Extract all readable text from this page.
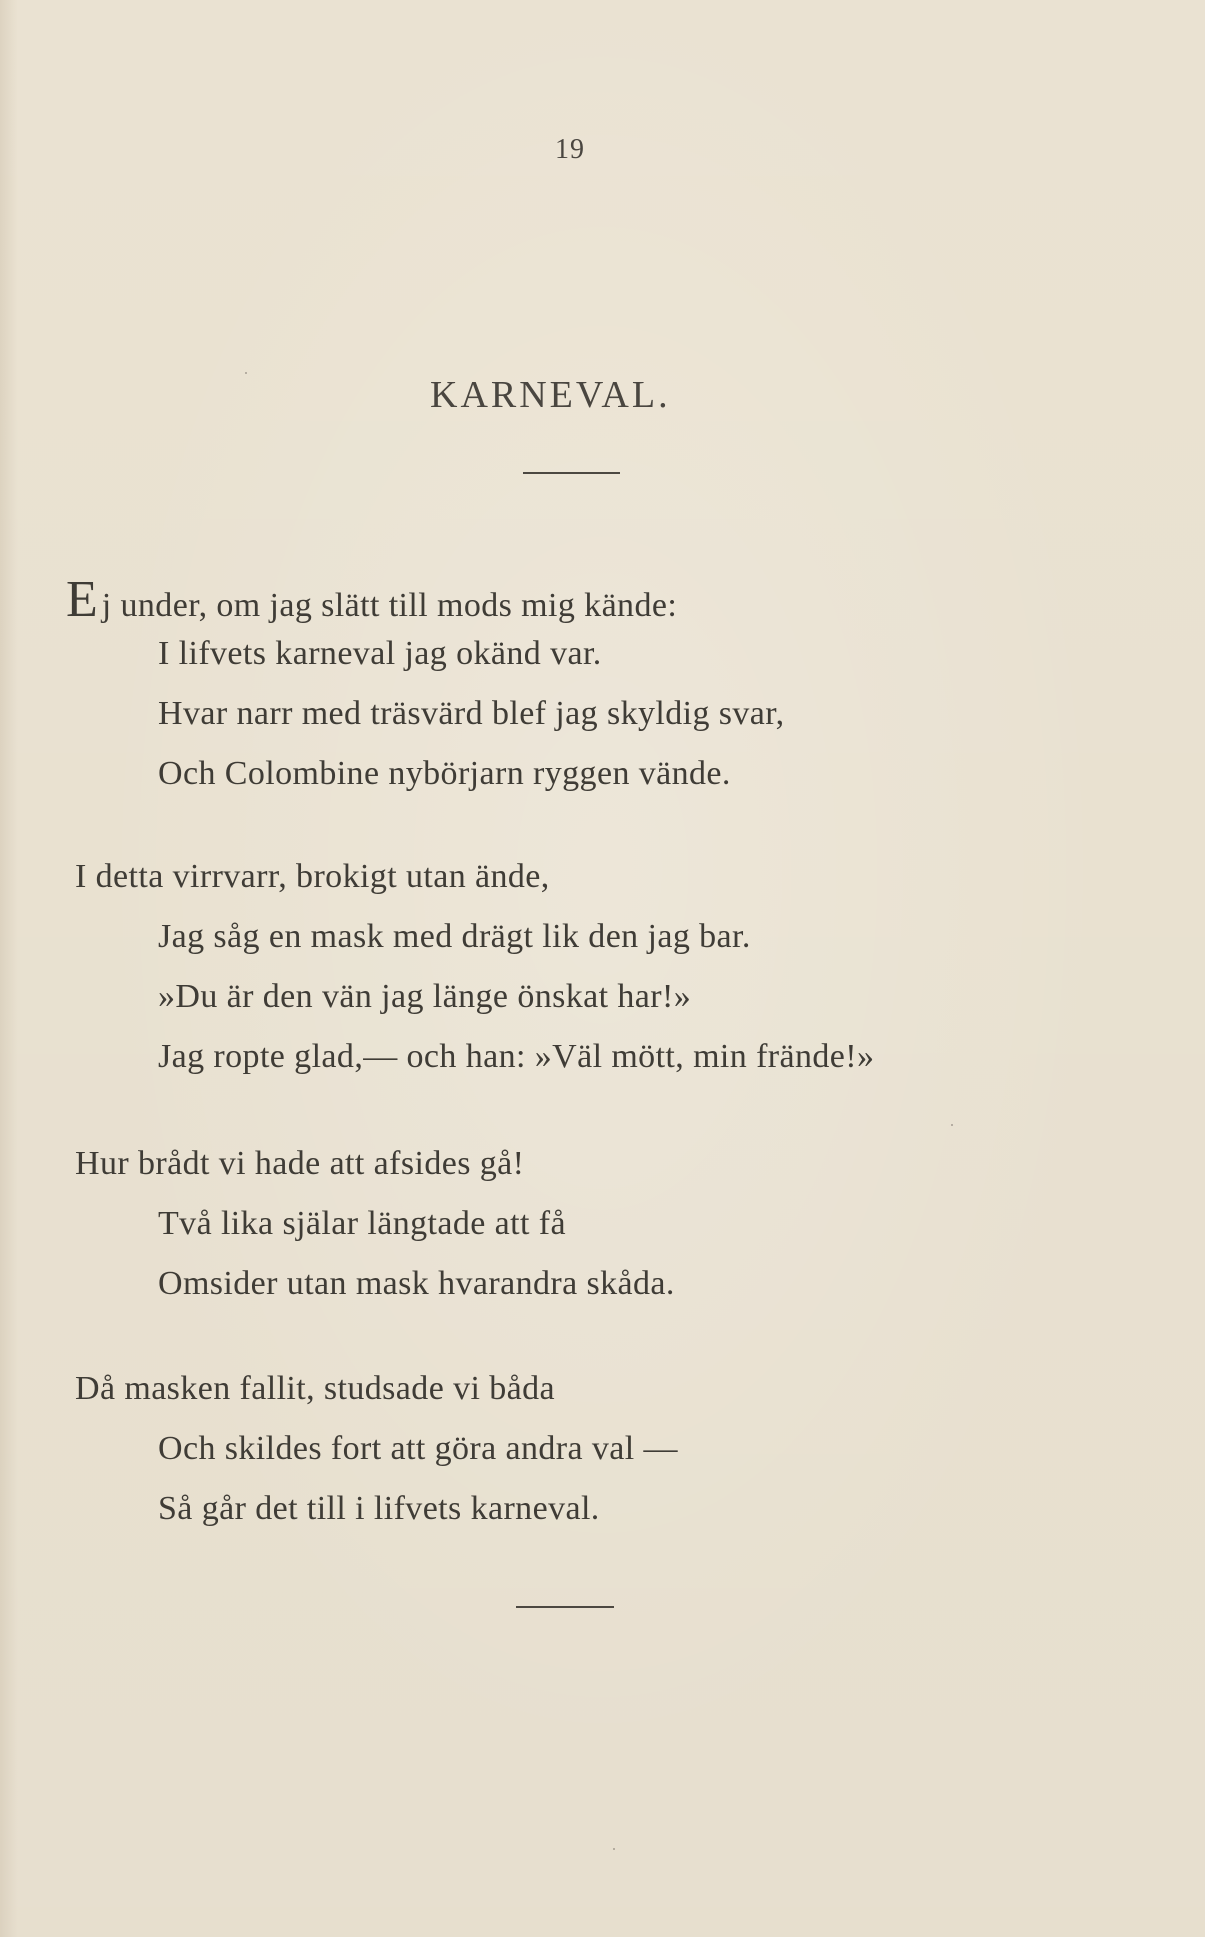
19
KARNEVAL.
Ej under, om jag slätt till mods mig kände:
I lifvets karneval jag okänd var.
Hvar narr med träsvärd blef jag skyldig svar,
Och Colombine nybörjarn ryggen vände.
I detta virrvarr, brokigt utan ände,
Jag såg en mask med drägt lik den jag bar.
»Du är den vän jag länge önskat har!»
Jag ropte glad,— och han: »Väl mött, min frände!»
Hur brådt vi hade att afsides gå!
Två lika själar längtade att få
Omsider utan mask hvarandra skåda.
Då masken fallit, studsade vi båda
Och skildes fort att göra andra val —
Så går det till i lifvets karneval.
